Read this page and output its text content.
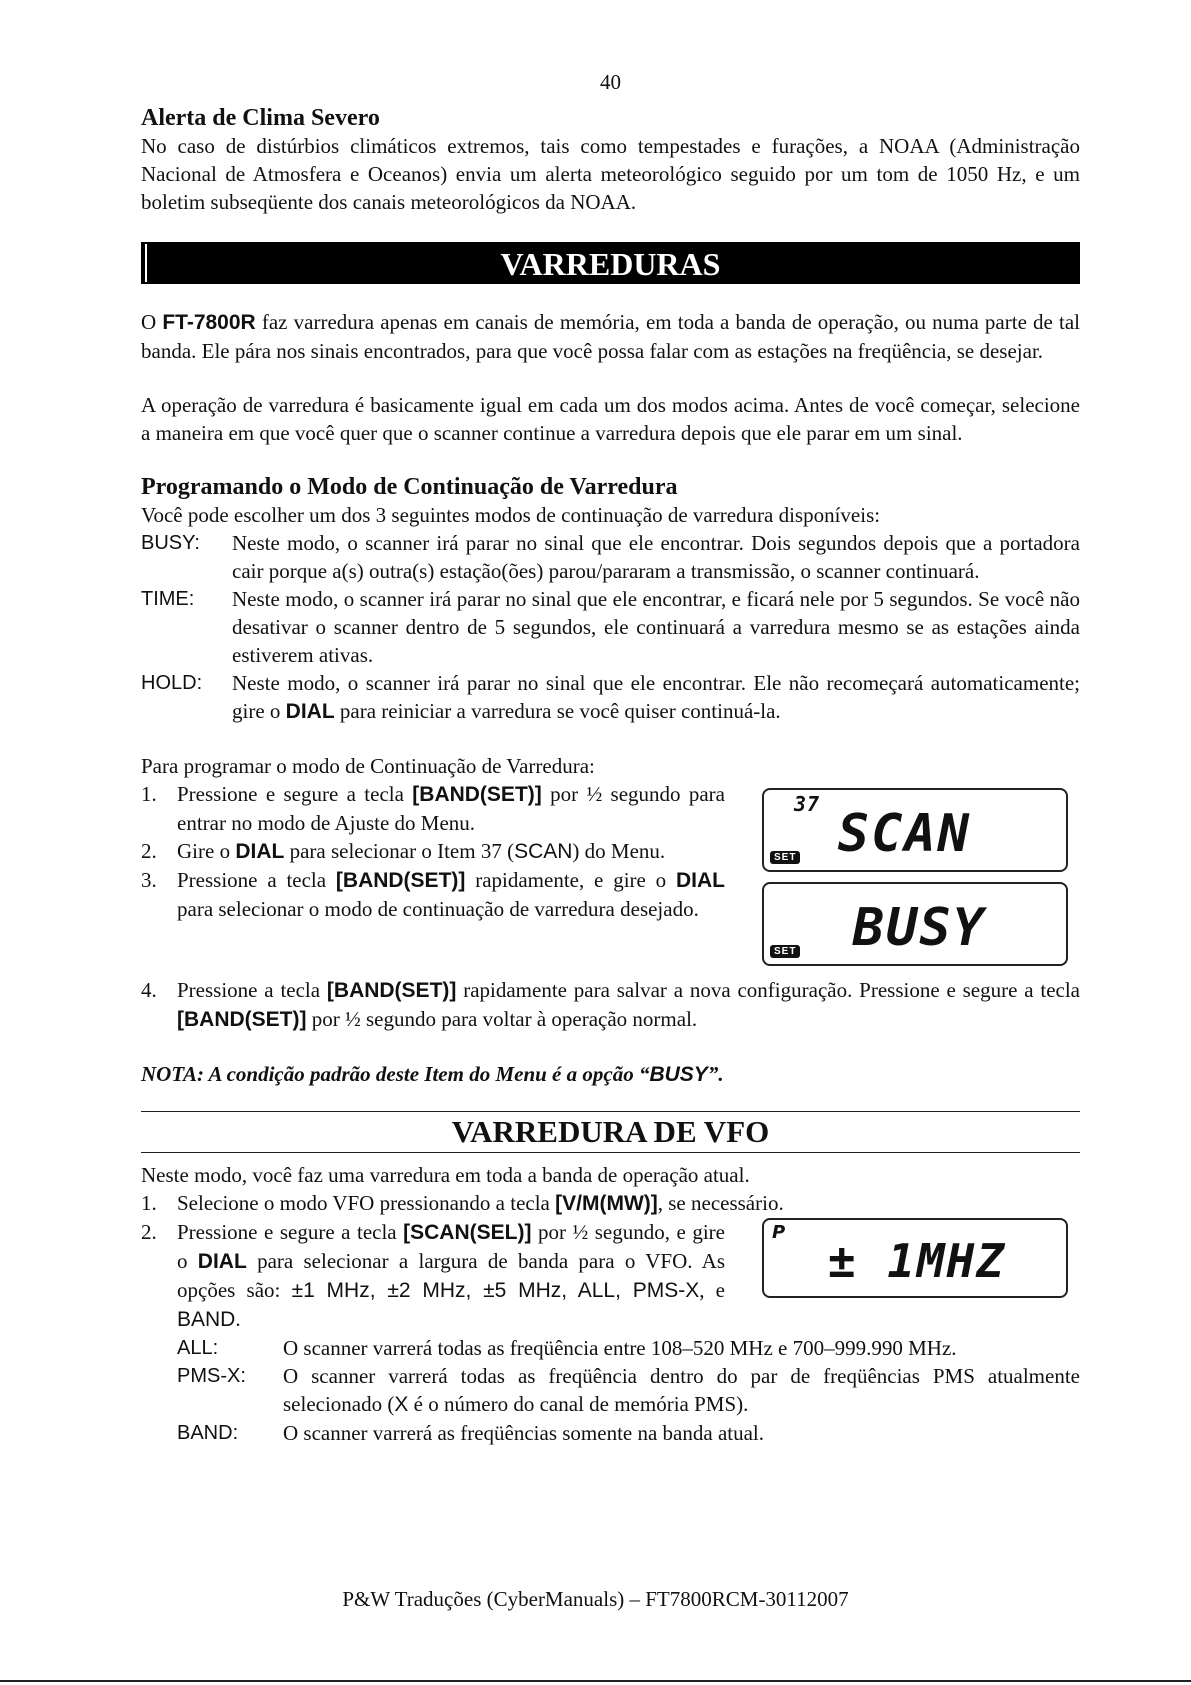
40
Alerta de Clima Severo

No caso de distúrbios climáticos extremos, tais como tempestades e furações, a NOAA (Administração Nacional de Atmosfera e Oceanos) envia um alerta meteorológico seguido por um tom de 1050 Hz, e um boletim subseqüente dos canais meteorológicos da NOAA.

VARREDURAS

O FT-7800R faz varredura apenas em canais de memória, em toda a banda de operação, ou numa parte de tal banda. Ele pára nos sinais encontrados, para que você possa falar com as estações na freqüência, se desejar.

A operação de varredura é basicamente igual em cada um dos modos acima. Antes de você começar, selecione a maneira em que você quer que o scanner continue a varredura depois que ele parar em um sinal.

Programando o Modo de Continuação de Varredura

Você pode escolher um dos 3 seguintes modos de continuação de varredura disponíveis:

BUSY:	Neste modo, o scanner irá parar no sinal que ele encontrar. Dois segundos depois que a portadora cair porque a(s) outra(s) estação(ões) parou/pararam a transmissão, o scanner continuará.
TIME:	Neste modo, o scanner irá parar no sinal que ele encontrar, e ficará nele por 5 segundos. Se você não desativar o scanner dentro de 5 segundos, ele continuará a varredura mesmo se as estações ainda estiverem ativas.
HOLD:	Neste modo, o scanner irá parar no sinal que ele encontrar. Ele não recomeçará automaticamente; gire o DIAL para reiniciar a varredura se você quiser continuá-la.

Para programar o modo de Continuação de Varredura:

1. Pressione e segure a tecla [BAND(SET)] por ½ segundo para entrar no modo de Ajuste do Menu.
2. Gire o DIAL para selecionar o Item 37 (SCAN) do Menu.
3. Pressione a tecla [BAND(SET)] rapidamente, e gire o DIAL para selecionar o modo de continuação de varredura desejado.
37 SCAN
SET
BUSY
SET
4. Pressione a tecla [BAND(SET)] rapidamente para salvar a nova configuração. Pressione e segure a tecla [BAND(SET)] por ½ segundo para voltar à operação normal.
NOTA: A condição padrão deste Item do Menu é a opção “BUSY”.
VARREDURA DE VFO

Neste modo, você faz uma varredura em toda a banda de operação atual.

1. Selecione o modo VFO pressionando a tecla [V/M(MW)], se necessário.
2. Pressione e segure a tecla [SCAN(SEL)] por ½ segundo, e gire o DIAL para selecionar a largura de banda para o VFO. As opções são: ±1 MHz, ±2 MHz, ±5 MHz, ALL, PMS-X, e BAND.
P
± 1MHZ
ALL:	O scanner varrerá todas as freqüência entre 108–520 MHz e 700–999.990 MHz.
PMS-X:	O scanner varrerá todas as freqüência dentro do par de freqüências PMS atualmente selecionado (X é o número do canal de memória PMS).
BAND:	O scanner varrerá as freqüências somente na banda atual.
P&W Traduções (CyberManuals) – FT7800RCM-30112007
